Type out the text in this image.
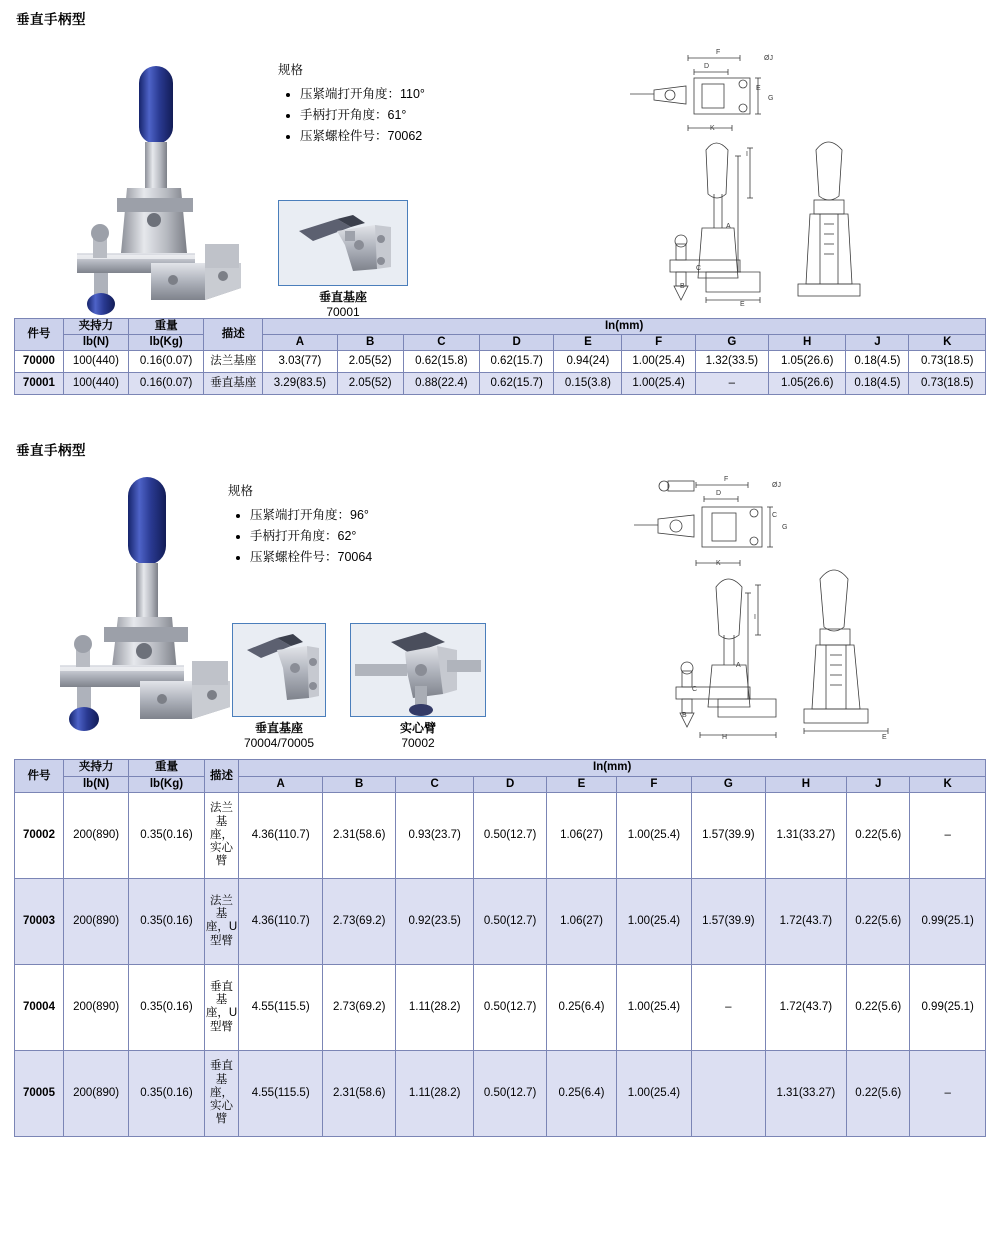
垂直手柄型
规格
• 压紧端打开角度：110°
• 手柄打开角度：61°
• 压紧螺栓件号：70062
垂直基座
70001
F
D
ØJ
E
G
K
I
A
C
B
E
件号	夹持力	重量	描述	In(mm)									
	lb(N)	lb(Kg)		A	B	C	D	E	F	G	H	J	K
70000	100(440)	0.16(0.07)	法兰基座	3.03(77)	2.05(52)	0.62(15.8)	0.62(15.7)	0.94(24)	1.00(25.4)	1.32(33.5)	1.05(26.6)	0.18(4.5)	0.73(18.5)
70001	100(440)	0.16(0.07)	垂直基座	3.29(83.5)	2.05(52)	0.88(22.4)	0.62(15.7)	0.15(3.8)	1.00(25.4)	–	1.05(26.6)	0.18(4.5)	0.73(18.5)
垂直手柄型
规格
• 压紧端打开角度：96°
• 手柄打开角度：62°
• 压紧螺栓件号：70064
垂直基座
70004/70005
实心臂
70002
F
D
ØJ
C
G
K
I
A
C
B
H	E
件号	夹持力	重量	描述	In(mm)									
	lb(N)	lb(Kg)		A	B	C	D	E	F	G	H	J	K
70002	200(890)	0.35(0.16)	法兰基座，实心臂	4.36(110.7)	2.31(58.6)	0.93(23.7)	0.50(12.7)	1.06(27)	1.00(25.4)	1.57(39.9)	1.31(33.27)	0.22(5.6)	–
70003	200(890)	0.35(0.16)	法兰基座，U型臂	4.36(110.7)	2.73(69.2)	0.92(23.5)	0.50(12.7)	1.06(27)	1.00(25.4)	1.57(39.9)	1.72(43.7)	0.22(5.6)	0.99(25.1)
70004	200(890)	0.35(0.16)	垂直基座，U型臂	4.55(115.5)	2.73(69.2)	1.11(28.2)	0.50(12.7)	0.25(6.4)	1.00(25.4)	–	1.72(43.7)	0.22(5.6)	0.99(25.1)
70005	200(890)	0.35(0.16)	垂直基座，实心臂	4.55(115.5)	2.31(58.6)	1.11(28.2)	0.50(12.7)	0.25(6.4)	1.00(25.4)		1.31(33.27)	0.22(5.6)	–
